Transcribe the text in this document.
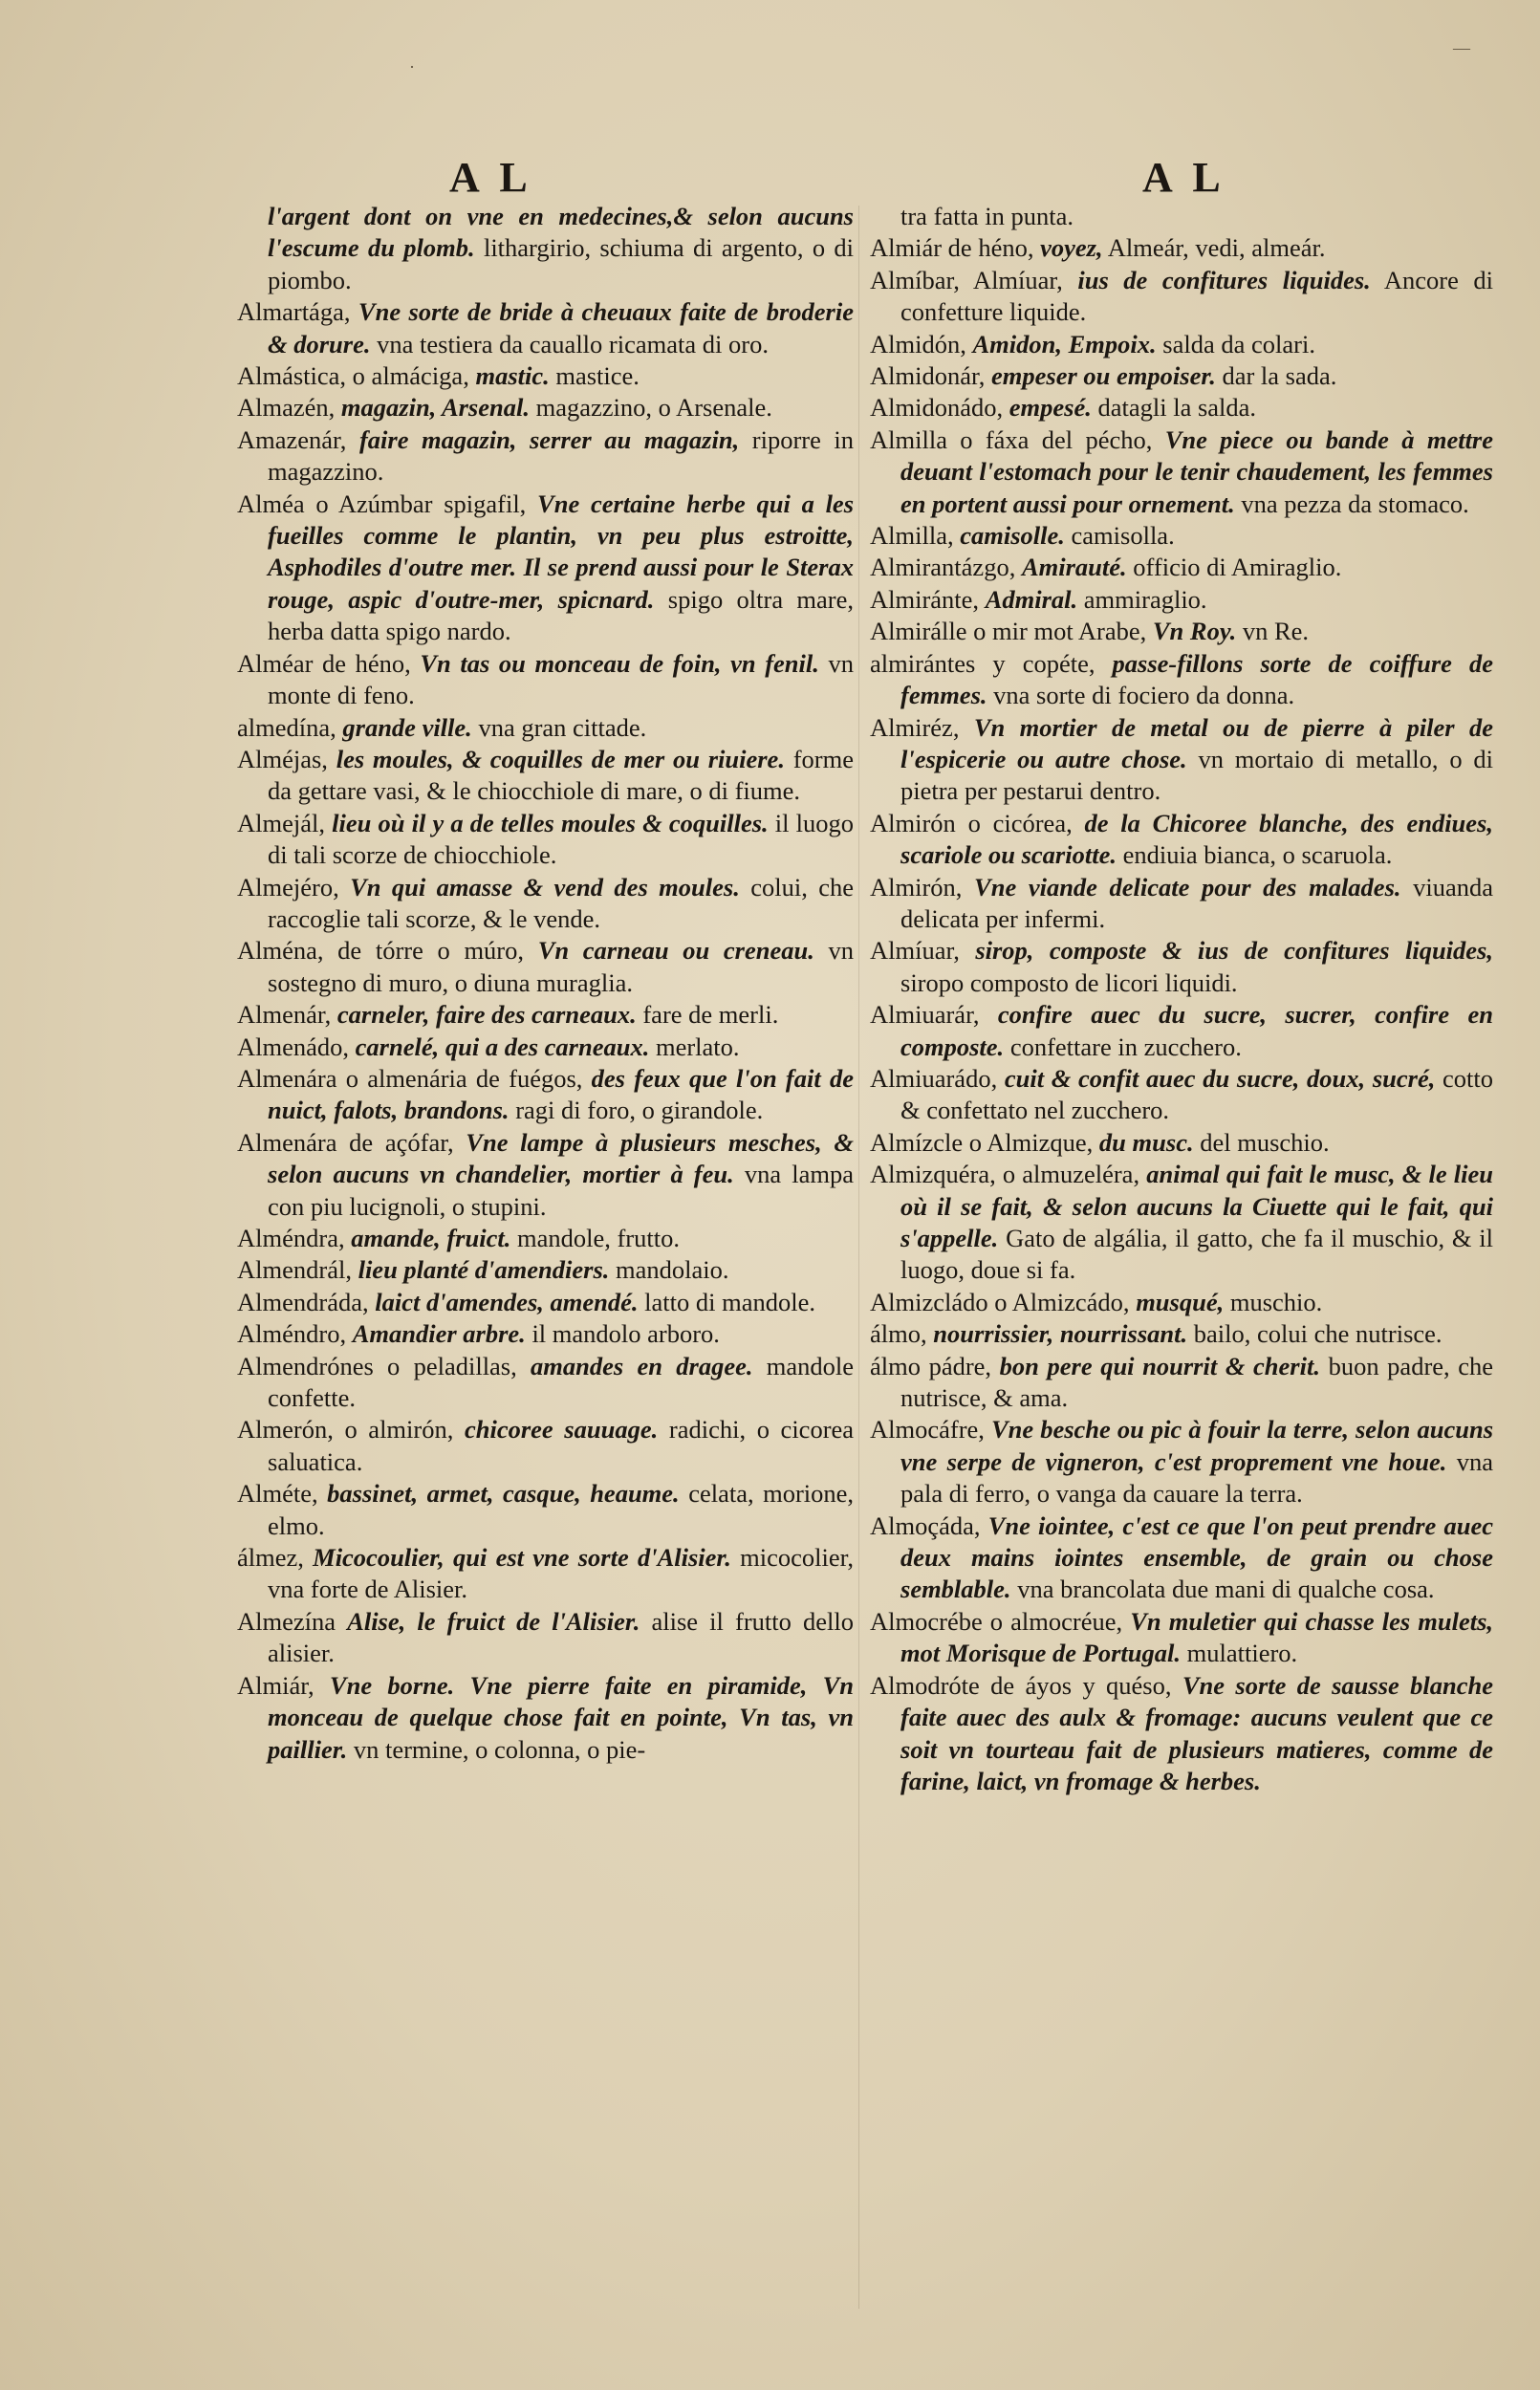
·
—
A L	A L

l'argent dont on vne en medecines,& selon aucuns l'escume du plomb. lithargirio, schiuma di argento, o di piombo.

Almartága, Vne sorte de bride à cheuaux faite de broderie & dorure. vna testiera da cauallo ricamata di oro.

Almástica, o almáciga, mastic. mastice.

Almazén, magazin, Arsenal. magazzino, o Arsenale.

Amazenár, faire magazin, serrer au magazin, riporre in magazzino.

Alméa o Azúmbar spigafil, Vne certaine herbe qui a les fueilles comme le plantin, vn peu plus estroitte, Asphodiles d'outre mer. Il se prend aussi pour le Sterax rouge, aspic d'outre-mer, spicnard. spigo oltra mare, herba datta spigo nardo.

Alméar de héno, Vn tas ou monceau de foin, vn fenil. vn monte di feno.

almedína, grande ville. vna gran cittade.

Alméjas, les moules, & coquilles de mer ou riuiere. forme da gettare vasi, & le chiocchiole di mare, o di fiume.

Almejál, lieu où il y a de telles moules & coquilles. il luogo di tali scorze de chiocchiole.

Almejéro, Vn qui amasse & vend des moules. colui, che raccoglie tali scorze, & le vende.

Alména, de tórre o múro, Vn carneau ou creneau. vn sostegno di muro, o diuna muraglia.

Almenár, carneler, faire des carneaux. fare de merli.

Almenádo, carnelé, qui a des carneaux. merlato.

Almenára o almenária de fuégos, des feux que l'on fait de nuict, falots, brandons. ragi di foro, o girandole.

Almenára de açófar, Vne lampe à plusieurs mesches, & selon aucuns vn chandelier, mortier à feu. vna lampa con piu lucignoli, o stupini.

Alméndra, amande, fruict. mandole, frutto.

Almendrál, lieu planté d'amendiers. mandolaio.

Almendráda, laict d'amendes, amendé. latto di mandole.

Alméndro, Amandier arbre. il mandolo arboro.

Almendrónes o peladillas, amandes en dragee. mandole confette.

Almerón, o almirón, chicoree sauuage. radichi, o cicorea saluatica.

Alméte, bassinet, armet, casque, heaume. celata, morione, elmo.

álmez, Micocoulier, qui est vne sorte d'Alisier. micocolier, vna forte de Alisier.

Almezína Alise, le fruict de l'Alisier. alise il frutto dello alisier.

Almiár, Vne borne. Vne pierre faite en piramide, Vn monceau de quelque chose fait en pointe, Vn tas, vn paillier. vn termine, o colonna, o pie-

tra fatta in punta.

Almiár de héno, voyez, Almeár, vedi, almeár.

Almíbar, Almíuar, ius de confitures liquides. Ancore di confetture liquide.

Almidón, Amidon, Empoix. salda da colari.

Almidonár, empeser ou empoiser. dar la sada.

Almidonádo, empesé. datagli la salda.

Almilla o fáxa del pécho, Vne piece ou bande à mettre deuant l'estomach pour le tenir chaudement, les femmes en portent aussi pour ornement. vna pezza da stomaco.

Almilla, camisolle. camisolla.

Almirantázgo, Amirauté. officio di Amiraglio.

Almiránte, Admiral. ammiraglio.

Almirálle o mir mot Arabe, Vn Roy. vn Re.

almirántes y copéte, passe-fillons sorte de coiffure de femmes. vna sorte di fociero da donna.

Almiréz, Vn mortier de metal ou de pierre à piler de l'espicerie ou autre chose. vn mortaio di metallo, o di pietra per pestarui dentro.

Almirón o cicórea, de la Chicoree blanche, des endiues, scariole ou scariotte. endiuia bianca, o scaruola.

Almirón, Vne viande delicate pour des malades. viuanda delicata per infermi.

Almíuar, sirop, composte & ius de confitures liquides, siropo composto de licori liquidi.

Almiuarár, confire auec du sucre, sucrer, confire en composte. confettare in zucchero.

Almiuarádo, cuit & confit auec du sucre, doux, sucré, cotto & confettato nel zucchero.

Almízcle o Almizque, du musc. del muschio.

Almizquéra, o almuzeléra, animal qui fait le musc, & le lieu où il se fait, & selon aucuns la Ciuette qui le fait, qui s'appelle. Gato de algália, il gatto, che fa il muschio, & il luogo, doue si fa.

Almizcládo o Almizcádo, musqué, muschio.

álmo, nourrissier, nourrissant. bailo, colui che nutrisce.

álmo pádre, bon pere qui nourrit & cherit. buon padre, che nutrisce, & ama.

Almocáfre, Vne besche ou pic à fouir la terre, selon aucuns vne serpe de vigneron, c'est proprement vne houe. vna pala di ferro, o vanga da cauare la terra.

Almoçáda, Vne iointee, c'est ce que l'on peut prendre auec deux mains iointes ensemble, de grain ou chose semblable. vna brancolata due mani di qualche cosa.

Almocrébe o almocréue, Vn muletier qui chasse les mulets, mot Morisque de Portugal. mulattiero.

Almodróte de áyos y quéso, Vne sorte de sausse blanche faite auec des aulx & fromage: aucuns veulent que ce soit vn tourteau fait de plusieurs matieres, comme de farine, laict, vn fromage & herbes.
